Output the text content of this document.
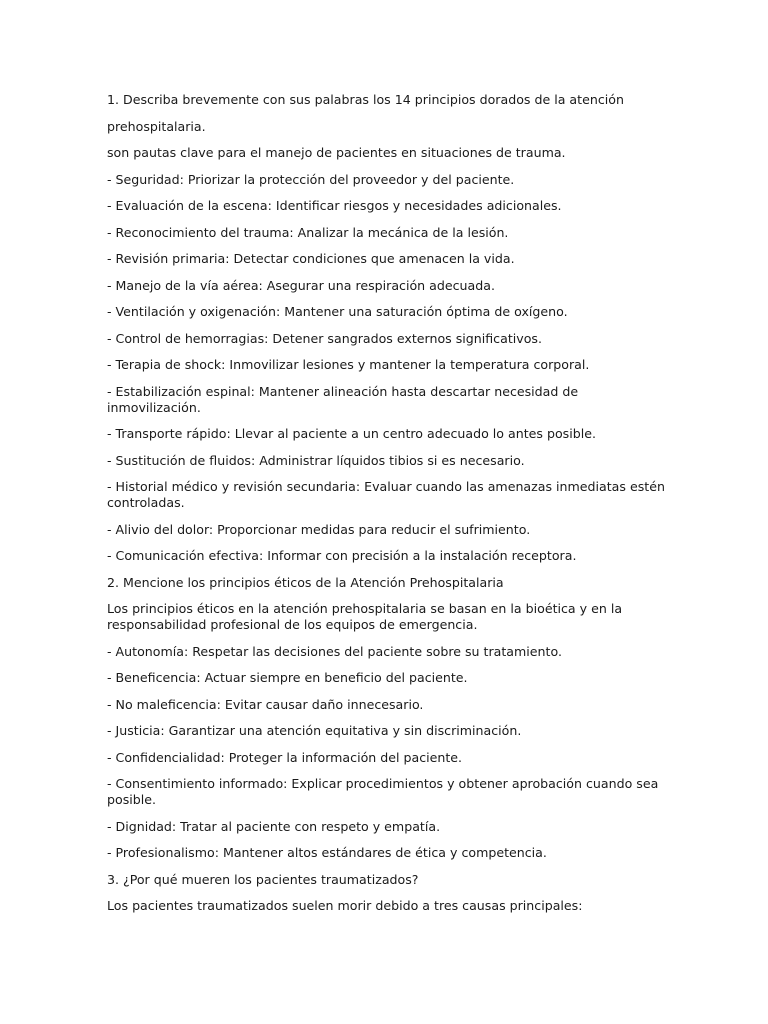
1. Describa brevemente con sus palabras los 14 principios dorados de la atención

prehospitalaria.

son pautas clave para el manejo de pacientes en situaciones de trauma.

- Seguridad: Priorizar la protección del proveedor y del paciente.

- Evaluación de la escena: Identificar riesgos y necesidades adicionales.

- Reconocimiento del trauma: Analizar la mecánica de la lesión.

- Revisión primaria: Detectar condiciones que amenacen la vida.

- Manejo de la vía aérea: Asegurar una respiración adecuada.

- Ventilación y oxigenación: Mantener una saturación óptima de oxígeno.

- Control de hemorragias: Detener sangrados externos significativos.

- Terapia de shock: Inmovilizar lesiones y mantener la temperatura corporal.

- Estabilización espinal: Mantener alineación hasta descartar necesidad de inmovilización.

- Transporte rápido: Llevar al paciente a un centro adecuado lo antes posible.

- Sustitución de fluidos: Administrar líquidos tibios si es necesario.

- Historial médico y revisión secundaria: Evaluar cuando las amenazas inmediatas estén controladas.

- Alivio del dolor: Proporcionar medidas para reducir el sufrimiento.

- Comunicación efectiva: Informar con precisión a la instalación receptora.

2. Mencione los principios éticos de la Atención Prehospitalaria

Los principios éticos en la atención prehospitalaria se basan en la bioética y en la responsabilidad profesional de los equipos de emergencia.

- Autonomía: Respetar las decisiones del paciente sobre su tratamiento.

- Beneficencia: Actuar siempre en beneficio del paciente.

- No maleficencia: Evitar causar daño innecesario.

- Justicia: Garantizar una atención equitativa y sin discriminación.

- Confidencialidad: Proteger la información del paciente.

- Consentimiento informado: Explicar procedimientos y obtener aprobación cuando sea posible.

- Dignidad: Tratar al paciente con respeto y empatía.

- Profesionalismo: Mantener altos estándares de ética y competencia.

3. ¿Por qué mueren los pacientes traumatizados?

Los pacientes traumatizados suelen morir debido a tres causas principales:
